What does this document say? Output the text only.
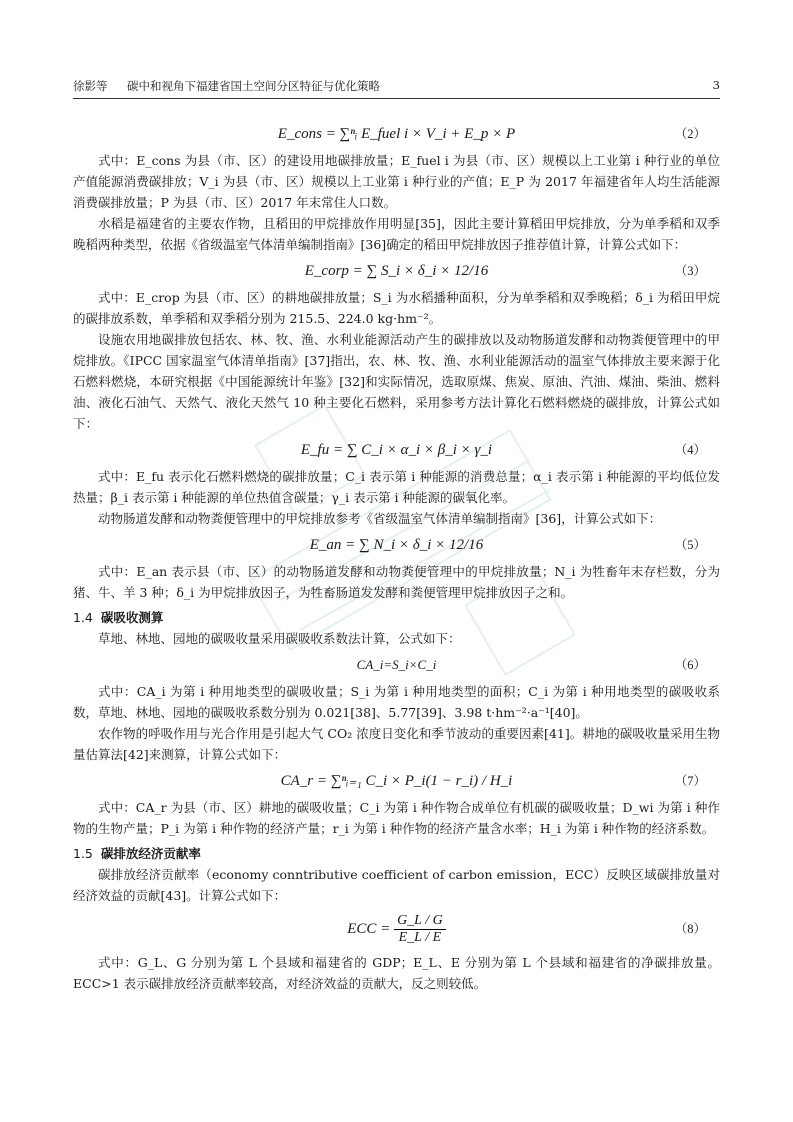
徐影等 碳中和视角下福建省国土空间分区特征与优化策略	3
E_cons = ∑ⁿᵢ E_fuel i × V_i + E_p × P	（2）

式中：E_cons 为县（市、区）的建设用地碳排放量；E_fuel i 为县（市、区）规模以上工业第 i 种行业的单位产值能源消费碳排放；V_i 为县（市、区）规模以上工业第 i 种行业的产值；E_P 为 2017 年福建省年人均生活能源消费碳排放量；P 为县（市、区）2017 年末常住人口数。

水稻是福建省的主要农作物，且稻田的甲烷排放作用明显[35]，因此主要计算稻田甲烷排放，分为单季稻和双季晚稻两种类型，依据《省级温室气体清单编制指南》[36]确定的稻田甲烷排放因子推荐值计算，计算公式如下：

E_corp = ∑ S_i × δ_i × 12/16	（3）

式中：E_crop 为县（市、区）的耕地碳排放量；S_i 为水稻播种面积，分为单季稻和双季晚稻；δ_i 为稻田甲烷的碳排放系数，单季稻和双季稻分别为 215.5、224.0 kg·hm⁻²。

设施农用地碳排放包括农、林、牧、渔、水利业能源活动产生的碳排放以及动物肠道发酵和动物粪便管理中的甲烷排放。《IPCC 国家温室气体清单指南》[37]指出，农、林、牧、渔、水利业能源活动的温室气体排放主要来源于化石燃料燃烧，本研究根据《中国能源统计年鉴》[32]和实际情况，选取原煤、焦炭、原油、汽油、煤油、柴油、燃料油、液化石油气、天然气、液化天然气 10 种主要化石燃料，采用参考方法计算化石燃料燃烧的碳排放，计算公式如下：

E_fu = ∑ C_i × α_i × β_i × γ_i	（4）

式中：E_fu 表示化石燃料燃烧的碳排放量；C_i 表示第 i 种能源的消费总量；α_i 表示第 i 种能源的平均低位发热量；β_i 表示第 i 种能源的单位热值含碳量；γ_i 表示第 i 种能源的碳氧化率。

动物肠道发酵和动物粪便管理中的甲烷排放参考《省级温室气体清单编制指南》[36]，计算公式如下：

E_an = ∑ N_i × δ_i × 12/16	（5）

式中：E_an 表示县（市、区）的动物肠道发酵和动物粪便管理中的甲烷排放量；N_i 为牲畜年末存栏数，分为猪、牛、羊 3 种；δ_i 为甲烷排放因子，为牲畜肠道发发酵和粪便管理甲烷排放因子之和。

1.4 碳吸收测算

草地、林地、园地的碳吸收量采用碳吸收系数法计算，公式如下：

CA_i=S_i×C_i	（6）

式中：CA_i 为第 i 种用地类型的碳吸收量；S_i 为第 i 种用地类型的面积；C_i 为第 i 种用地类型的碳吸收系数，草地、林地、园地的碳吸收系数分别为 0.021[38]、5.77[39]、3.98 t·hm⁻²·a⁻¹[40]。

农作物的呼吸作用与光合作用是引起大气 CO₂ 浓度日变化和季节波动的重要因素[41]。耕地的碳吸收量采用生物量估算法[42]来测算，计算公式如下：

CA_r = ∑ⁿᵢ₌₁ C_i × P_i(1 − r_i) / H_i	（7）

式中：CA_r 为县（市、区）耕地的碳吸收量；C_i 为第 i 种作物合成单位有机碳的碳吸收量；D_wi 为第 i 种作物的生物产量；P_i 为第 i 种作物的经济产量；r_i 为第 i 种作物的经济产量含水率；H_i 为第 i 种作物的经济系数。

1.5 碳排放经济贡献率

碳排放经济贡献率（economy conntributive coefficient of carbon emission，ECC）反映区域碳排放量对经济效益的贡献[43]。计算公式如下：

ECC = $\frac{G\_L / G}{E\_L / E}$	（8）

式中：G_L、G 分别为第 L 个县域和福建省的 GDP；E_L、E 分别为第 L 个县域和福建省的净碳排放量。ECC>1 表示碳排放经济贡献率较高，对经济效益的贡献大，反之则较低。
